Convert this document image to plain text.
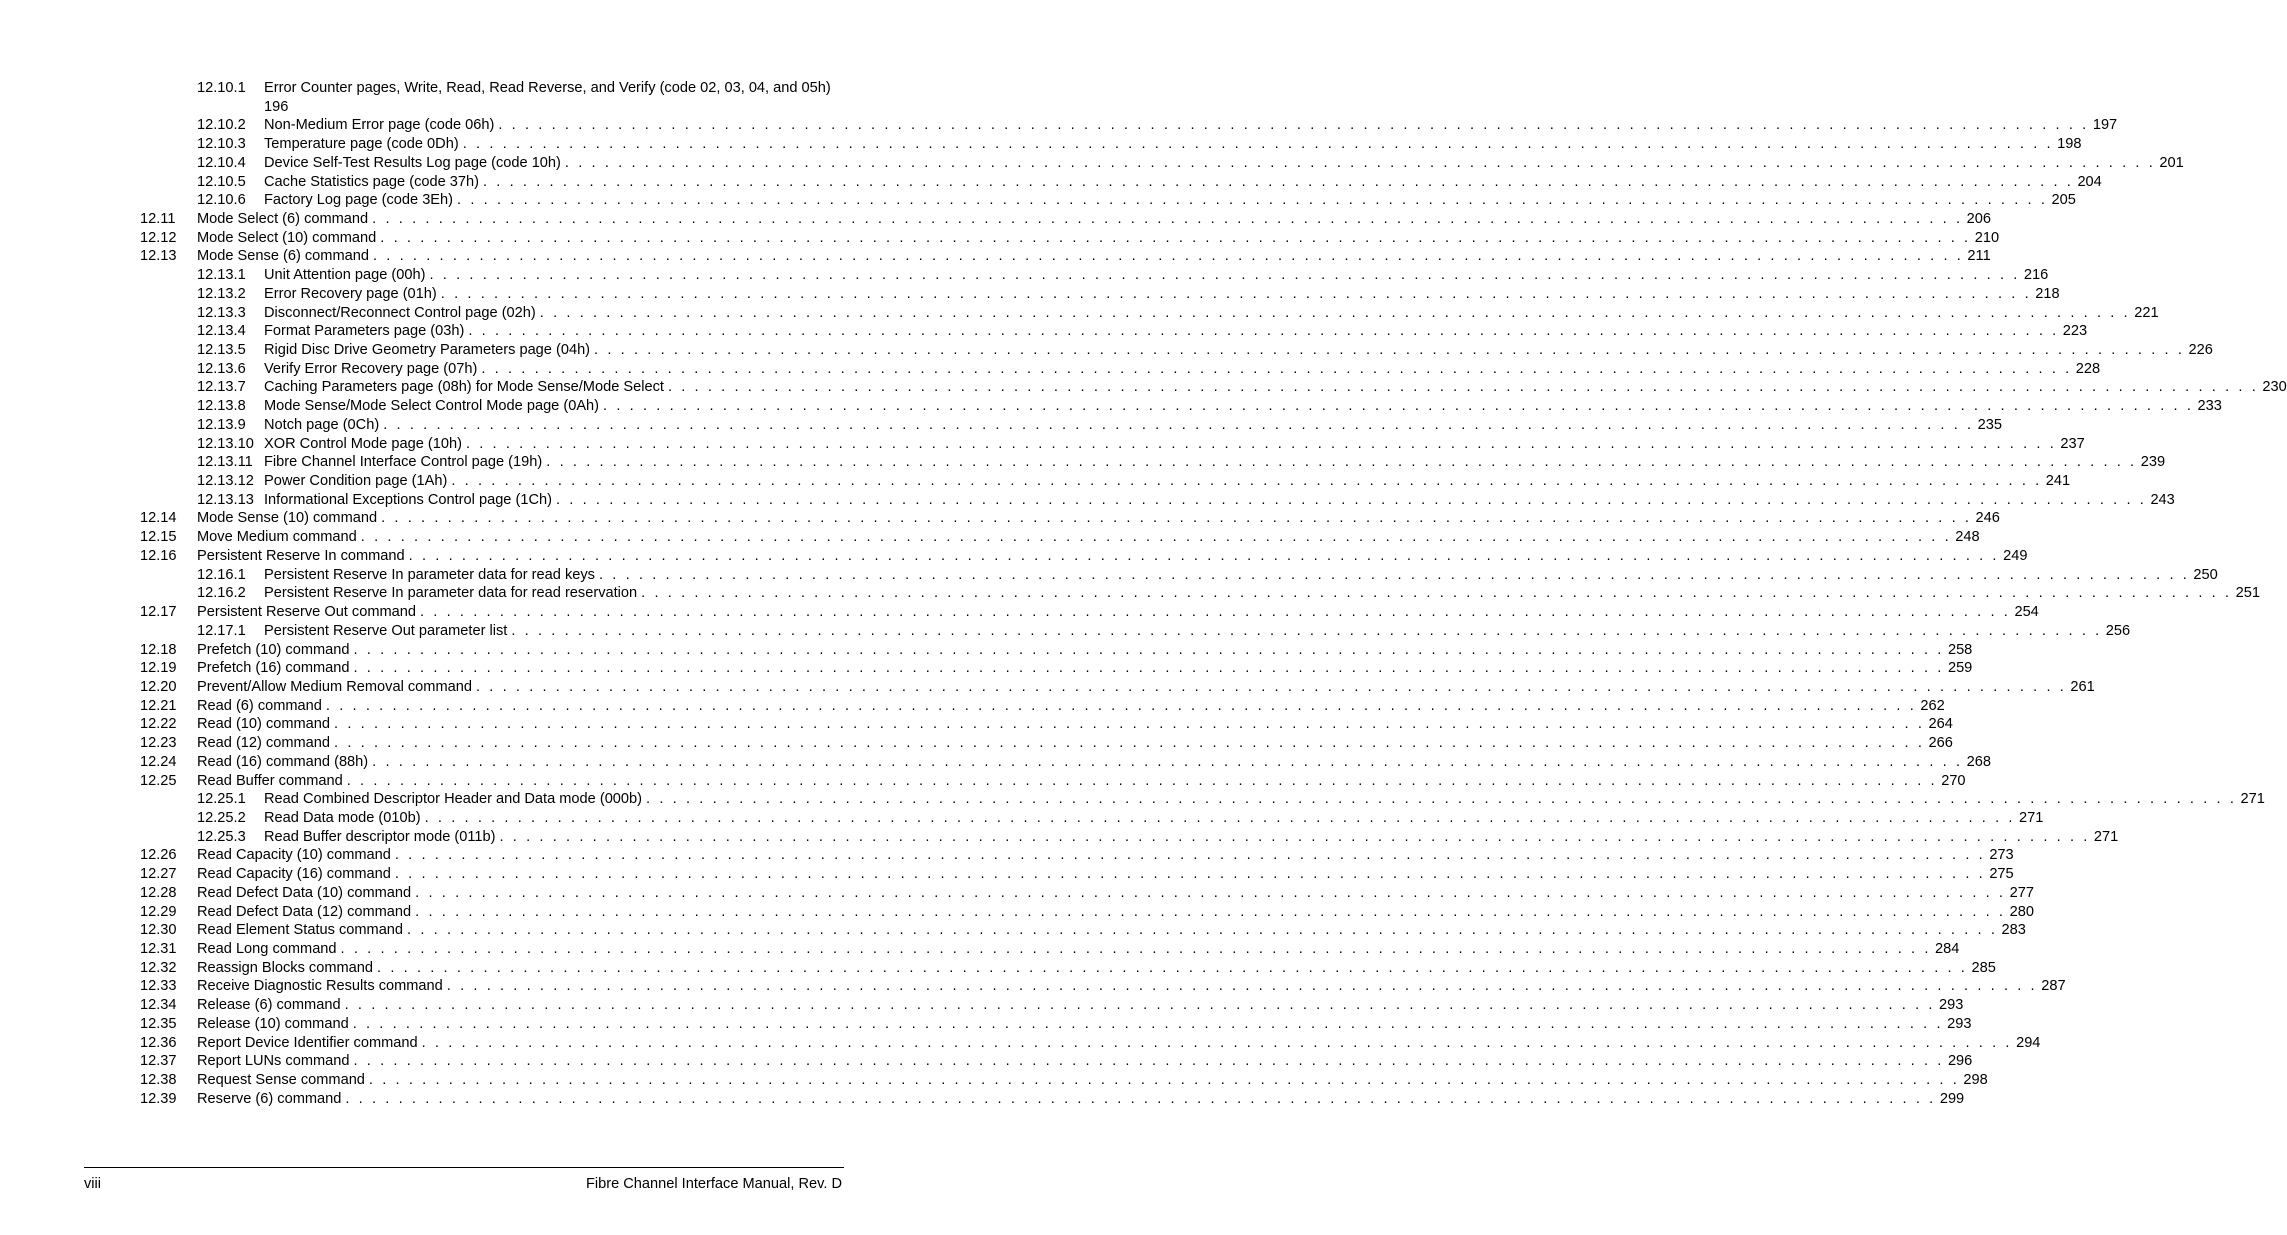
12.10.1 Error Counter pages, Write, Read, Read Reverse, and Verify (code 02, 03, 04, and 05h) 196
12.10.2 Non-Medium Error page (code 06h) . . . . . . . . . . . . . . . . . . . . . . . . . . . . . . . . . . . . . . . . . . . . . . . . . . . . . . . . . . . . . . . . . . . . . . . . . . . . . . . . . . . . . . . . . . . . . . . . . . . . . . . . . . . . . . . . . . . . . . . . 197
12.10.3 Temperature page (code 0Dh) . . . . . . . . . . . . . . . . . . . . . . . . . . . . . . . . . . . . . . . . . . . . . . . . . . . . . . . . . . . . . . . . . . . . . . . . . . . . . . . . . . . . . . . . . . . . . . . . . . . . . . . . . . . . . . . . . . . . . . . . 198
12.10.4 Device Self-Test Results Log page (code 10h) . . . . . . . . . . . . . . . . . . . . . . . . . . . . . . . . . . . . . . . . . . . . . . . . . . . . . . . . . . . . . . . . . . . . . . . . . . . . . . . . . . . . . . . . . . . . . . . . . . . . . . . . . . . . . . . . . . . . . . . . 201
12.10.5 Cache Statistics page (code 37h) . . . . . . . . . . . . . . . . . . . . . . . . . . . . . . . . . . . . . . . . . . . . . . . . . . . . . . . . . . . . . . . . . . . . . . . . . . . . . . . . . . . . . . . . . . . . . . . . . . . . . . . . . . . . . . . . . . . . . . . . 204
12.10.6 Factory Log page (code 3Eh) . . . . . . . . . . . . . . . . . . . . . . . . . . . . . . . . . . . . . . . . . . . . . . . . . . . . . . . . . . . . . . . . . . . . . . . . . . . . . . . . . . . . . . . . . . . . . . . . . . . . . . . . . . . . . . . . . . . . . . . . 205
12.11 Mode Select (6) command . . . . . . . . . . . . . . . . . . . . . . . . . . . . . . . . . . . . . . . . . . . . . . . . . . . . . . . . . . . . . . . . . . . . . . . . . . . . . . . . . . . . . . . . . . . . . . . . . . . . . . . . . . . . . . . . . . . . . . . . 206
12.12 Mode Select (10) command . . . . . . . . . . . . . . . . . . . . . . . . . . . . . . . . . . . . . . . . . . . . . . . . . . . . . . . . . . . . . . . . . . . . . . . . . . . . . . . . . . . . . . . . . . . . . . . . . . . . . . . . . . . . . . . . . . . . . . . . 210
12.13 Mode Sense (6) command . . . . . . . . . . . . . . . . . . . . . . . . . . . . . . . . . . . . . . . . . . . . . . . . . . . . . . . . . . . . . . . . . . . . . . . . . . . . . . . . . . . . . . . . . . . . . . . . . . . . . . . . . . . . . . . . . . . . . . . . 211
12.13.1 Unit Attention page (00h) . . . . . . . . . . . . . . . . . . . . . . . . . . . . . . . . . . . . . . . . . . . . . . . . . . . . . . . . . . . . . . . . . . . . . . . . . . . . . . . . . . . . . . . . . . . . . . . . . . . . . . . . . . . . . . . . . . . . . . . . 216
12.13.2 Error Recovery page (01h) . . . . . . . . . . . . . . . . . . . . . . . . . . . . . . . . . . . . . . . . . . . . . . . . . . . . . . . . . . . . . . . . . . . . . . . . . . . . . . . . . . . . . . . . . . . . . . . . . . . . . . . . . . . . . . . . . . . . . . . . 218
12.13.3 Disconnect/Reconnect Control page (02h) . . . . . . . . . . . . . . . . . . . . . . . . . . . . . . . . . . . . . . . . . . . . . . . . . . . . . . . . . . . . . . . . . . . . . . . . . . . . . . . . . . . . . . . . . . . . . . . . . . . . . . . . . . . . . . . . . . . . . . . . 221
12.13.4 Format Parameters page (03h) . . . . . . . . . . . . . . . . . . . . . . . . . . . . . . . . . . . . . . . . . . . . . . . . . . . . . . . . . . . . . . . . . . . . . . . . . . . . . . . . . . . . . . . . . . . . . . . . . . . . . . . . . . . . . . . . . . . . . . . . 223
12.13.5 Rigid Disc Drive Geometry Parameters page (04h) . . . . . . . . . . . . . . . . . . . . . . . . . . . . . . . . . . . . . . . . . . . . . . . . . . . . . . . . . . . . . . . . . . . . . . . . . . . . . . . . . . . . . . . . . . . . . . . . . . . . . . . . . . . . . . . . . . . . . . . . 226
12.13.6 Verify Error Recovery page (07h) . . . . . . . . . . . . . . . . . . . . . . . . . . . . . . . . . . . . . . . . . . . . . . . . . . . . . . . . . . . . . . . . . . . . . . . . . . . . . . . . . . . . . . . . . . . . . . . . . . . . . . . . . . . . . . . . . . . . . . . . 228
12.13.7 Caching Parameters page (08h) for Mode Sense/Mode Select . . . . . . . . . . . . . . . . . . . . . . . . . . . . . . . . . . . . . . . . . . . . . . . . . . . . . . . . . . . . . . . . . . . . . . . . . . . . . . . . . . . . . . . . . . . . . . . . . . . . . . . . . . . . . . . . . . . . . . . . 230
12.13.8 Mode Sense/Mode Select Control Mode page (0Ah) . . . . . . . . . . . . . . . . . . . . . . . . . . . . . . . . . . . . . . . . . . . . . . . . . . . . . . . . . . . . . . . . . . . . . . . . . . . . . . . . . . . . . . . . . . . . . . . . . . . . . . . . . . . . . . . . . . . . . . . . 233
12.13.9 Notch page (0Ch) . . . . . . . . . . . . . . . . . . . . . . . . . . . . . . . . . . . . . . . . . . . . . . . . . . . . . . . . . . . . . . . . . . . . . . . . . . . . . . . . . . . . . . . . . . . . . . . . . . . . . . . . . . . . . . . . . . . . . . . . 235
12.13.10 XOR Control Mode page (10h) . . . . . . . . . . . . . . . . . . . . . . . . . . . . . . . . . . . . . . . . . . . . . . . . . . . . . . . . . . . . . . . . . . . . . . . . . . . . . . . . . . . . . . . . . . . . . . . . . . . . . . . . . . . . . . . . . . . . . . . . 237
12.13.11 Fibre Channel Interface Control page (19h) . . . . . . . . . . . . . . . . . . . . . . . . . . . . . . . . . . . . . . . . . . . . . . . . . . . . . . . . . . . . . . . . . . . . . . . . . . . . . . . . . . . . . . . . . . . . . . . . . . . . . . . . . . . . . . . . . . . . . . . . 239
12.13.12 Power Condition page (1Ah) . . . . . . . . . . . . . . . . . . . . . . . . . . . . . . . . . . . . . . . . . . . . . . . . . . . . . . . . . . . . . . . . . . . . . . . . . . . . . . . . . . . . . . . . . . . . . . . . . . . . . . . . . . . . . . . . . . . . . . . . 241
12.13.13 Informational Exceptions Control page (1Ch) . . . . . . . . . . . . . . . . . . . . . . . . . . . . . . . . . . . . . . . . . . . . . . . . . . . . . . . . . . . . . . . . . . . . . . . . . . . . . . . . . . . . . . . . . . . . . . . . . . . . . . . . . . . . . . . . . . . . . . . . 243
12.14 Mode Sense (10) command . . . . . . . . . . . . . . . . . . . . . . . . . . . . . . . . . . . . . . . . . . . . . . . . . . . . . . . . . . . . . . . . . . . . . . . . . . . . . . . . . . . . . . . . . . . . . . . . . . . . . . . . . . . . . . . . . . . . . . . . 246
12.15 Move Medium command . . . . . . . . . . . . . . . . . . . . . . . . . . . . . . . . . . . . . . . . . . . . . . . . . . . . . . . . . . . . . . . . . . . . . . . . . . . . . . . . . . . . . . . . . . . . . . . . . . . . . . . . . . . . . . . . . . . . . . . . 248
12.16 Persistent Reserve In command . . . . . . . . . . . . . . . . . . . . . . . . . . . . . . . . . . . . . . . . . . . . . . . . . . . . . . . . . . . . . . . . . . . . . . . . . . . . . . . . . . . . . . . . . . . . . . . . . . . . . . . . . . . . . . . . . . . . . . . . 249
12.16.1 Persistent Reserve In parameter data for read keys . . . . . . . . . . . . . . . . . . . . . . . . . . . . . . . . . . . . . . . . . . . . . . . . . . . . . . . . . . . . . . . . . . . . . . . . . . . . . . . . . . . . . . . . . . . . . . . . . . . . . . . . . . . . . . . . . . . . . . . . 250
12.16.2 Persistent Reserve In parameter data for read reservation . . . . . . . . . . . . . . . . . . . . . . . . . . . . . . . . . . . . . . . . . . . . . . . . . . . . . . . . . . . . . . . . . . . . . . . . . . . . . . . . . . . . . . . . . . . . . . . . . . . . . . . . . . . . . . . . . . . . . . . . 251
12.17 Persistent Reserve Out command . . . . . . . . . . . . . . . . . . . . . . . . . . . . . . . . . . . . . . . . . . . . . . . . . . . . . . . . . . . . . . . . . . . . . . . . . . . . . . . . . . . . . . . . . . . . . . . . . . . . . . . . . . . . . . . . . . . . . . . . 254
12.17.1 Persistent Reserve Out parameter list . . . . . . . . . . . . . . . . . . . . . . . . . . . . . . . . . . . . . . . . . . . . . . . . . . . . . . . . . . . . . . . . . . . . . . . . . . . . . . . . . . . . . . . . . . . . . . . . . . . . . . . . . . . . . . . . . . . . . . . . 256
12.18 Prefetch (10) command . . . . . . . . . . . . . . . . . . . . . . . . . . . . . . . . . . . . . . . . . . . . . . . . . . . . . . . . . . . . . . . . . . . . . . . . . . . . . . . . . . . . . . . . . . . . . . . . . . . . . . . . . . . . . . . . . . . . . . . . 258
12.19 Prefetch (16) command . . . . . . . . . . . . . . . . . . . . . . . . . . . . . . . . . . . . . . . . . . . . . . . . . . . . . . . . . . . . . . . . . . . . . . . . . . . . . . . . . . . . . . . . . . . . . . . . . . . . . . . . . . . . . . . . . . . . . . . . 259
12.20 Prevent/Allow Medium Removal command . . . . . . . . . . . . . . . . . . . . . . . . . . . . . . . . . . . . . . . . . . . . . . . . . . . . . . . . . . . . . . . . . . . . . . . . . . . . . . . . . . . . . . . . . . . . . . . . . . . . . . . . . . . . . . . . . . . . . . . . 261
12.21 Read (6) command . . . . . . . . . . . . . . . . . . . . . . . . . . . . . . . . . . . . . . . . . . . . . . . . . . . . . . . . . . . . . . . . . . . . . . . . . . . . . . . . . . . . . . . . . . . . . . . . . . . . . . . . . . . . . . . . . . . . . . . . 262
12.22 Read (10) command . . . . . . . . . . . . . . . . . . . . . . . . . . . . . . . . . . . . . . . . . . . . . . . . . . . . . . . . . . . . . . . . . . . . . . . . . . . . . . . . . . . . . . . . . . . . . . . . . . . . . . . . . . . . . . . . . . . . . . . . 264
12.23 Read (12) command . . . . . . . . . . . . . . . . . . . . . . . . . . . . . . . . . . . . . . . . . . . . . . . . . . . . . . . . . . . . . . . . . . . . . . . . . . . . . . . . . . . . . . . . . . . . . . . . . . . . . . . . . . . . . . . . . . . . . . . . 266
12.24 Read (16) command (88h) . . . . . . . . . . . . . . . . . . . . . . . . . . . . . . . . . . . . . . . . . . . . . . . . . . . . . . . . . . . . . . . . . . . . . . . . . . . . . . . . . . . . . . . . . . . . . . . . . . . . . . . . . . . . . . . . . . . . . . . . 268
12.25 Read Buffer command . . . . . . . . . . . . . . . . . . . . . . . . . . . . . . . . . . . . . . . . . . . . . . . . . . . . . . . . . . . . . . . . . . . . . . . . . . . . . . . . . . . . . . . . . . . . . . . . . . . . . . . . . . . . . . . . . . . . . . . . 270
12.25.1 Read Combined Descriptor Header and Data mode (000b) . . . . . . . . . . . . . . . . . . . . . . . . . . . . . . . . . . . . . . . . . . . . . . . . . . . . . . . . . . . . . . . . . . . . . . . . . . . . . . . . . . . . . . . . . . . . . . . . . . . . . . . . . . . . . . . . . . . . . . . . 271
12.25.2 Read Data mode (010b) . . . . . . . . . . . . . . . . . . . . . . . . . . . . . . . . . . . . . . . . . . . . . . . . . . . . . . . . . . . . . . . . . . . . . . . . . . . . . . . . . . . . . . . . . . . . . . . . . . . . . . . . . . . . . . . . . . . . . . . . 271
12.25.3 Read Buffer descriptor mode (011b) . . . . . . . . . . . . . . . . . . . . . . . . . . . . . . . . . . . . . . . . . . . . . . . . . . . . . . . . . . . . . . . . . . . . . . . . . . . . . . . . . . . . . . . . . . . . . . . . . . . . . . . . . . . . . . . . . . . . . . . . 271
12.26 Read Capacity (10) command . . . . . . . . . . . . . . . . . . . . . . . . . . . . . . . . . . . . . . . . . . . . . . . . . . . . . . . . . . . . . . . . . . . . . . . . . . . . . . . . . . . . . . . . . . . . . . . . . . . . . . . . . . . . . . . . . . . . . . . . 273
12.27 Read Capacity (16) command . . . . . . . . . . . . . . . . . . . . . . . . . . . . . . . . . . . . . . . . . . . . . . . . . . . . . . . . . . . . . . . . . . . . . . . . . . . . . . . . . . . . . . . . . . . . . . . . . . . . . . . . . . . . . . . . . . . . . . . . 275
12.28 Read Defect Data (10) command . . . . . . . . . . . . . . . . . . . . . . . . . . . . . . . . . . . . . . . . . . . . . . . . . . . . . . . . . . . . . . . . . . . . . . . . . . . . . . . . . . . . . . . . . . . . . . . . . . . . . . . . . . . . . . . . . . . . . . . . 277
12.29 Read Defect Data (12) command . . . . . . . . . . . . . . . . . . . . . . . . . . . . . . . . . . . . . . . . . . . . . . . . . . . . . . . . . . . . . . . . . . . . . . . . . . . . . . . . . . . . . . . . . . . . . . . . . . . . . . . . . . . . . . . . . . . . . . . . 280
12.30 Read Element Status command . . . . . . . . . . . . . . . . . . . . . . . . . . . . . . . . . . . . . . . . . . . . . . . . . . . . . . . . . . . . . . . . . . . . . . . . . . . . . . . . . . . . . . . . . . . . . . . . . . . . . . . . . . . . . . . . . . . . . . . . 283
12.31 Read Long command . . . . . . . . . . . . . . . . . . . . . . . . . . . . . . . . . . . . . . . . . . . . . . . . . . . . . . . . . . . . . . . . . . . . . . . . . . . . . . . . . . . . . . . . . . . . . . . . . . . . . . . . . . . . . . . . . . . . . . . . 284
12.32 Reassign Blocks command . . . . . . . . . . . . . . . . . . . . . . . . . . . . . . . . . . . . . . . . . . . . . . . . . . . . . . . . . . . . . . . . . . . . . . . . . . . . . . . . . . . . . . . . . . . . . . . . . . . . . . . . . . . . . . . . . . . . . . . . 285
12.33 Receive Diagnostic Results command . . . . . . . . . . . . . . . . . . . . . . . . . . . . . . . . . . . . . . . . . . . . . . . . . . . . . . . . . . . . . . . . . . . . . . . . . . . . . . . . . . . . . . . . . . . . . . . . . . . . . . . . . . . . . . . . . . . . . . . . 287
12.34 Release (6) command . . . . . . . . . . . . . . . . . . . . . . . . . . . . . . . . . . . . . . . . . . . . . . . . . . . . . . . . . . . . . . . . . . . . . . . . . . . . . . . . . . . . . . . . . . . . . . . . . . . . . . . . . . . . . . . . . . . . . . . . 293
12.35 Release (10) command . . . . . . . . . . . . . . . . . . . . . . . . . . . . . . . . . . . . . . . . . . . . . . . . . . . . . . . . . . . . . . . . . . . . . . . . . . . . . . . . . . . . . . . . . . . . . . . . . . . . . . . . . . . . . . . . . . . . . . . . 293
12.36 Report Device Identifier command . . . . . . . . . . . . . . . . . . . . . . . . . . . . . . . . . . . . . . . . . . . . . . . . . . . . . . . . . . . . . . . . . . . . . . . . . . . . . . . . . . . . . . . . . . . . . . . . . . . . . . . . . . . . . . . . . . . . . . . . 294
12.37 Report LUNs command . . . . . . . . . . . . . . . . . . . . . . . . . . . . . . . . . . . . . . . . . . . . . . . . . . . . . . . . . . . . . . . . . . . . . . . . . . . . . . . . . . . . . . . . . . . . . . . . . . . . . . . . . . . . . . . . . . . . . . . . 296
12.38 Request Sense command . . . . . . . . . . . . . . . . . . . . . . . . . . . . . . . . . . . . . . . . . . . . . . . . . . . . . . . . . . . . . . . . . . . . . . . . . . . . . . . . . . . . . . . . . . . . . . . . . . . . . . . . . . . . . . . . . . . . . . . . 298
12.39 Reserve (6) command . . . . . . . . . . . . . . . . . . . . . . . . . . . . . . . . . . . . . . . . . . . . . . . . . . . . . . . . . . . . . . . . . . . . . . . . . . . . . . . . . . . . . . . . . . . . . . . . . . . . . . . . . . . . . . . . . . . . . . . . 299
viii	Fibre Channel Interface Manual, Rev. D
